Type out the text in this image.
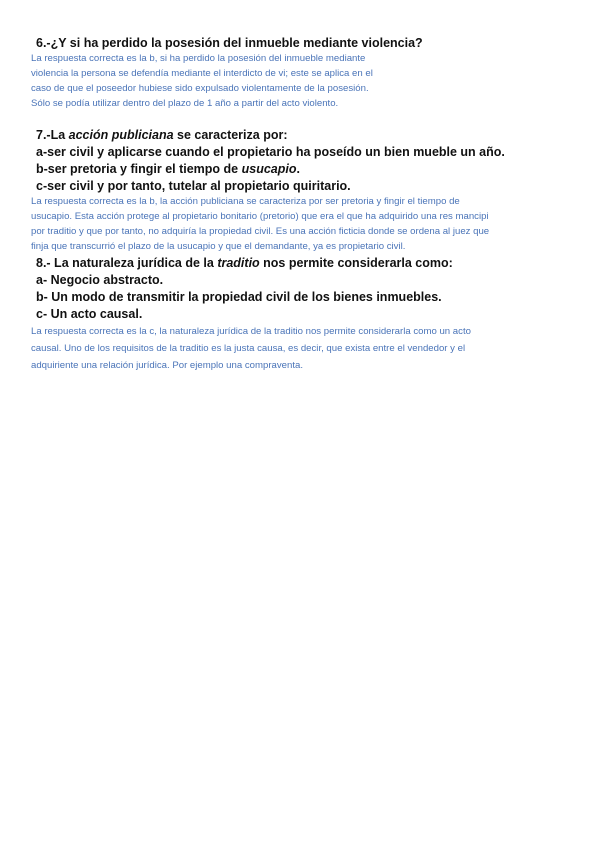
6.-¿Y si ha perdido la posesión del inmueble mediante violencia?
La respuesta correcta es la b, si ha perdido la posesión del inmueble mediante
violencia la persona se defendía mediante el interdicto de vi; este se aplica en el
caso de que el poseedor hubiese sido expulsado violentamente de la posesión.
Sólo se podía utilizar dentro del plazo de 1 año a partir del acto violento.
7.-La acción publiciana se caracteriza por:
a-ser civil y aplicarse cuando el propietario ha poseído un bien mueble un año.
b-ser pretoria y fingir el tiempo de usucapio.
c-ser civil y por tanto, tutelar al propietario quiritario.
La respuesta correcta es la b, la acción publiciana se caracteriza por ser pretoria y fingir el tiempo de
usucapio. Esta acción protege al propietario bonitario (pretorio) que era el que ha adquirido una res mancipi
por traditio y que por tanto, no adquiría la propiedad civil. Es una acción ficticia donde se ordena al juez que
finja que transcurrió el plazo de la usucapio y que el demandante, ya es propietario civil.
8.- La naturaleza jurídica de la traditio nos permite considerarla como:
a- Negocio abstracto.
b- Un modo de transmitir la propiedad civil de los bienes inmuebles.
c- Un acto causal.
La respuesta correcta es la c, la naturaleza jurídica de la traditio nos permite considerarla como un acto
causal. Uno de los requisitos de la traditio es la justa causa, es decir, que exista entre el vendedor y el
adquiriente una relación jurídica. Por ejemplo una compraventa.
